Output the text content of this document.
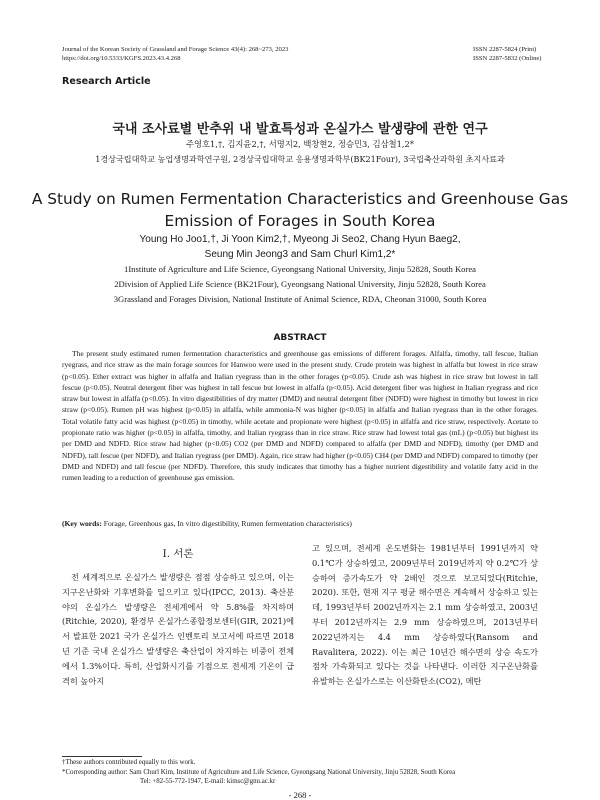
Journal of the Korean Society of Grassland and Forage Science 43(4): 268~273, 2023
https://doi.org/10.5333/KGFS.2023.43.4.268
ISSN 2287-5824 (Print)
ISSN 2287-5832 (Online)
Research Article
국내 조사료별 반추위 내 발효특성과 온실가스 발생량에 관한 연구
주영호1,†, 김지윤2,†, 서명지2, 백창현2, 정승민3, 김삼철1,2*
1경상국립대학교 농업생명과학연구원, 2경상국립대학교 응용생명과학부(BK21Four), 3국립축산과학원 초지사료과
A Study on Rumen Fermentation Characteristics and Greenhouse Gas
Emission of Forages in South Korea
Young Ho Joo1,†, Ji Yoon Kim2,†, Myeong Ji Seo2, Chang Hyun Baeg2,
Seung Min Jeong3 and Sam Churl Kim1,2*
1Institute of Agriculture and Life Science, Gyeongsang National University, Jinju 52828, South Korea
2Division of Applied Life Science (BK21Four), Gyeongsang National University, Jinju 52828, South Korea
3Grassland and Forages Division, National Institute of Animal Science, RDA, Cheonan 31000, South Korea
ABSTRACT
The present study estimated rumen fermentation characteristics and greenhouse gas emissions of different forages. Alfalfa, timothy, tall fescue, Italian ryegrass, and rice straw as the main forage sources for Hanwoo were used in the present study. Crude protein was highest in alfalfa but lowest in rice straw (p<0.05). Ether extract was higher in alfalfa and Italian ryegrass than in the other forages (p<0.05). Crude ash was highest in rice straw but lowest in tall fescue (p<0.05). Neutral detergent fiber was highest in tall fescue but lowest in alfalfa (p<0.05). Acid detergent fiber was highest in Italian ryegrass and rice straw but lowest in alfalfa (p<0.05). In vitro digestibilities of dry matter (DMD) and neutral detergent fiber (NDFD) were highest in timothy but lowest in rice straw (p<0.05). Rumen pH was highest (p<0.05) in alfalfa, while ammonia-N was higher (p<0.05) in alfalfa and Italian ryegrass than in the other forages. Total volatile fatty acid was highest (p<0.05) in timothy, while acetate and propionate were highest (p<0.05) in alfalfa and rice straw, respectively. Acetate to propionate ratio was higher (p<0.05) in alfalfa, timothy, and Italian ryegrass than in rice straw. Rice straw had lowest total gas (mL) (p<0.05) but highest its per DMD and NDFD. Rice straw had higher (p<0.05) CO2 (per DMD and NDFD) compared to alfalfa (per DMD and NDFD), timothy (per DMD and NDFD), tall fescue (per NDFD), and Italian ryegrass (per DMD). Again, rice straw had higher (p<0.05) CH4 (per DMD and NDFD) compared to timothy (per DMD and NDFD) and tall fescue (per NDFD). Therefore, this study indicates that timothy has a higher nutrient digestibility and volatile fatty acid in the rumen leading to a reduction of greenhouse gas emission.
(Key words: Forage, Greenhous gas, In vitro digestibility, Rumen fermentation characteristics)
Ⅰ. 서론
전 세계적으로 온실가스 발생량은 점점 상승하고 있으며, 이는 지구온난화와 기후변화를 일으키고 있다(IPCC, 2013). 축산분야의 온실가스 발생량은 전세계에서 약 5.8%를 차지하며(Ritchie, 2020), 환경부 온실가스종합정보센터(GIR, 2021)에서 발표한 2021 국가 온실가스 인벤토리 보고서에 따르면 2018년 기준 국내 온실가스 발생량은 축산업이 차지하는 비중이 전체에서 1.3%이다. 특히, 산업화시기를 기점으로 전세계 기온이 급격히 높아지
고 있으며, 전세계 온도변화는 1981년부터 1991년까지 약 0.1℃가 상승하였고, 2009년부터 2019년까지 약 0.2℃가 상승하여 증가속도가 약 2배인 것으로 보고되었다(Ritchie, 2020). 또한, 현재 지구 평균 해수면은 계속해서 상승하고 있는데, 1993년부터 2002년까지는 2.1 mm 상승하였고, 2003년부터 2012년까지는 2.9 mm 상승하였으며, 2013년부터 2022년까지는 4.4 mm 상승하였다(Ransom and Ravalitera, 2022). 이는 최근 10년간 해수면의 상승 속도가 점차 가속화되고 있다는 것을 나타낸다. 이러한 지구온난화를 유발하는 온실가스로는 이산화탄소(CO2), 메탄
†These authors contributed equally to this work.
*Corresponding author: Sam Churl Kim, Institute of Agriculture and Life Science, Gyeongsang National University, Jinju 52828, South Korea
Tel: +82-55-772-1947, E-mail: kimsc@gnu.ac.kr
- 268 -
